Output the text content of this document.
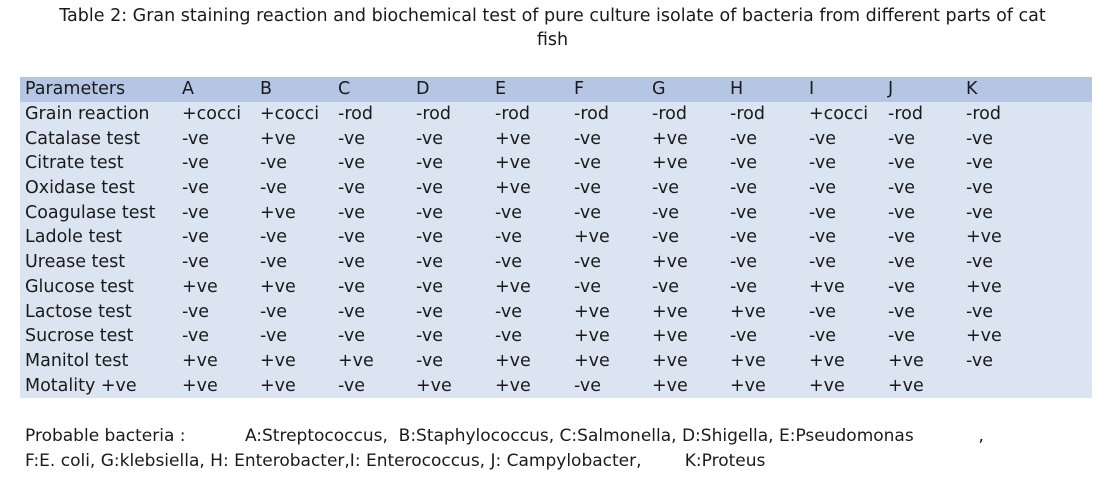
Table 2: Gran staining reaction and biochemical test of pure culture isolate of bacteria from different parts of cat
fish
Parameters	A	B	C	D	E	F	G	H	I	J	K
Grain reaction	+cocci	+cocci	-rod	-rod	-rod	-rod	-rod	-rod	+cocci	-rod	-rod
Catalase test	-ve	+ve	-ve	-ve	+ve	-ve	+ve	-ve	-ve	-ve	-ve
Citrate test	-ve	-ve	-ve	-ve	+ve	-ve	+ve	-ve	-ve	-ve	-ve
Oxidase test	-ve	-ve	-ve	-ve	+ve	-ve	-ve	-ve	-ve	-ve	-ve
Coagulase test	-ve	+ve	-ve	-ve	-ve	-ve	-ve	-ve	-ve	-ve	-ve
Ladole test	-ve	-ve	-ve	-ve	-ve	+ve	-ve	-ve	-ve	-ve	+ve
Urease test	-ve	-ve	-ve	-ve	-ve	-ve	+ve	-ve	-ve	-ve	-ve
Glucose test	+ve	+ve	-ve	-ve	+ve	-ve	-ve	-ve	+ve	-ve	+ve
Lactose test	-ve	-ve	-ve	-ve	-ve	+ve	+ve	+ve	-ve	-ve	-ve
Sucrose test	-ve	-ve	-ve	-ve	-ve	+ve	+ve	-ve	-ve	-ve	+ve
Manitol test	+ve	+ve	+ve	-ve	+ve	+ve	+ve	+ve	+ve	+ve	-ve
Motality +ve	+ve	+ve	-ve	+ve	+ve	-ve	+ve	+ve	+ve	+ve	
Probable bacteria :           A:Streptococcus,  B:Staphylococcus, C:Salmonella, D:Shigella, E:Pseudomonas            ,
F:E. coli, G:klebsiella, H: Enterobacter,I: Enterococcus, J: Campylobacter,        K:Proteus
